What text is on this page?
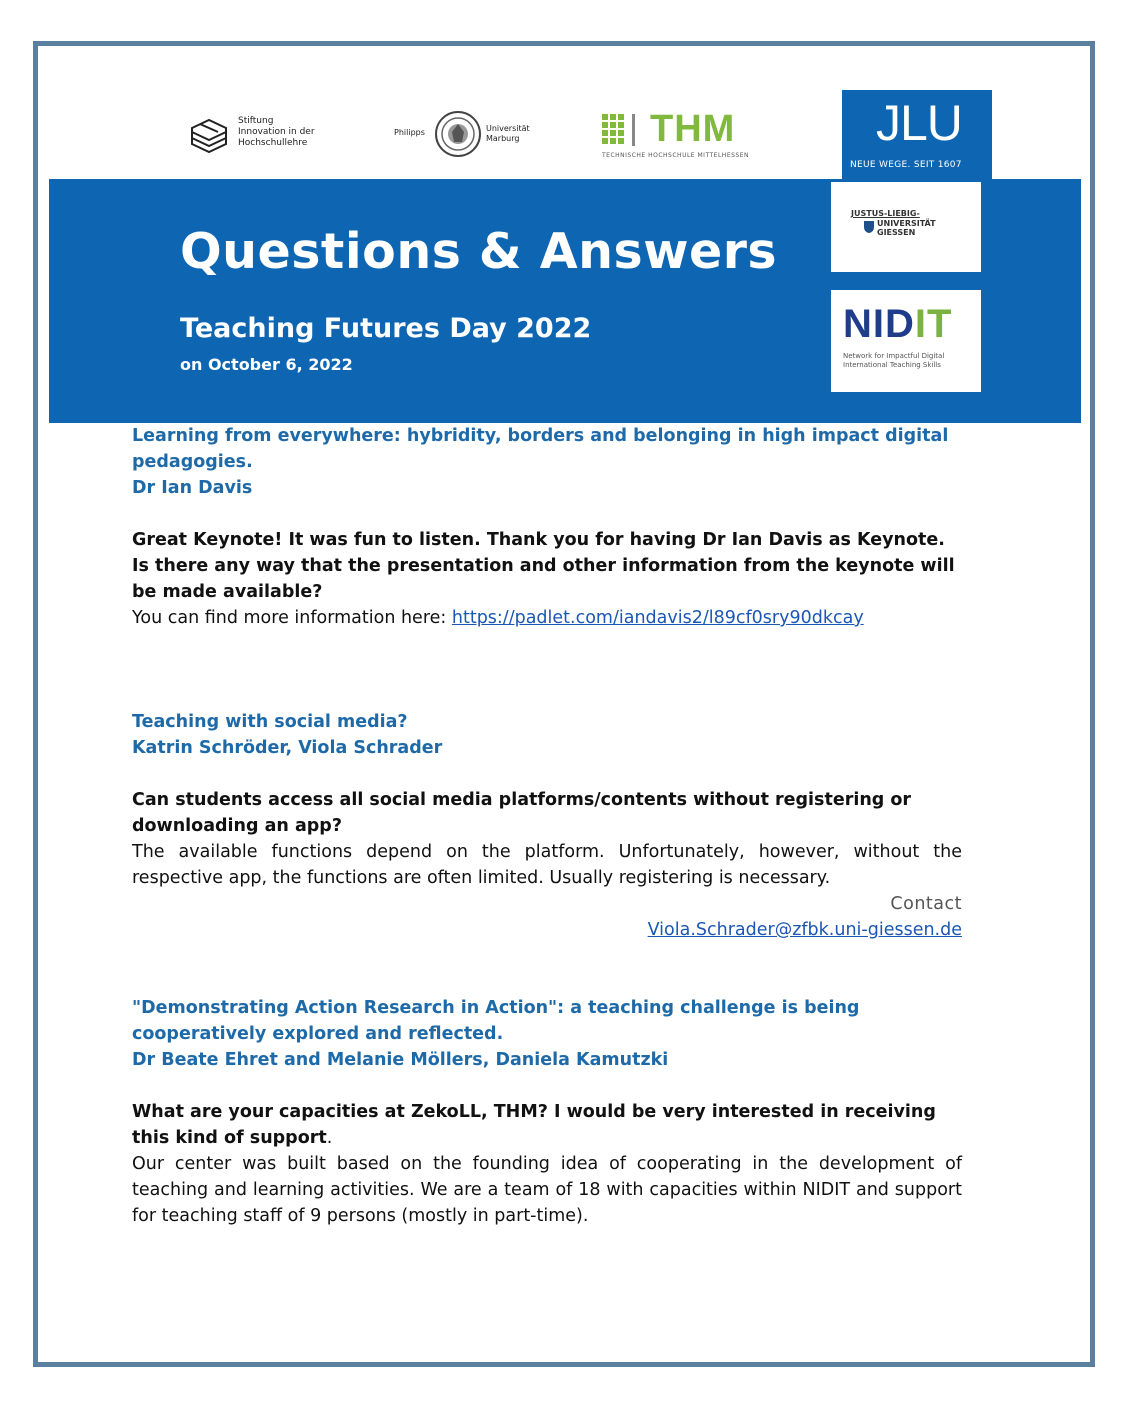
Stiftung
Innovation in der
Hochschullehre
Philipps	Universität
Marburg	THM
TECHNISCHE HOCHSCHULE MITTELHESSEN
JLU
NEUE WEGE. SEIT 1607
Questions & Answers
Teaching Futures Day 2022
on October 6, 2022
JUSTUS-LIEBIG-
UNIVERSITÄT
GIESSEN
NIDIT
Network for Impactful Digital
International Teaching Skills

Learning from everywhere: hybridity, borders and belonging in high impact digital pedagogies.

Dr Ian Davis

Great Keynote! It was fun to listen. Thank you for having Dr Ian Davis as Keynote. Is there any way that the presentation and other information from the keynote will be made available?

You can find more information here: https://padlet.com/iandavis2/l89cf0sry90dkcay

Teaching with social media?

Katrin Schröder, Viola Schrader

Can students access all social media platforms/contents without registering or downloading an app?

The available functions depend on the platform. Unfortunately, however, without the respective app, the functions are often limited. Usually registering is necessary.

Contact

Viola.Schrader@zfbk.uni-giessen.de

"Demonstrating Action Research in Action": a teaching challenge is being cooperatively explored and reflected.

Dr Beate Ehret and Melanie Möllers, Daniela Kamutzki

What are your capacities at ZekoLL, THM? I would be very interested in receiving this kind of support.

Our center was built based on the founding idea of cooperating in the development of teaching and learning activities. We are a team of 18 with capacities within NIDIT and support for teaching staff of 9 persons (mostly in part-time).
